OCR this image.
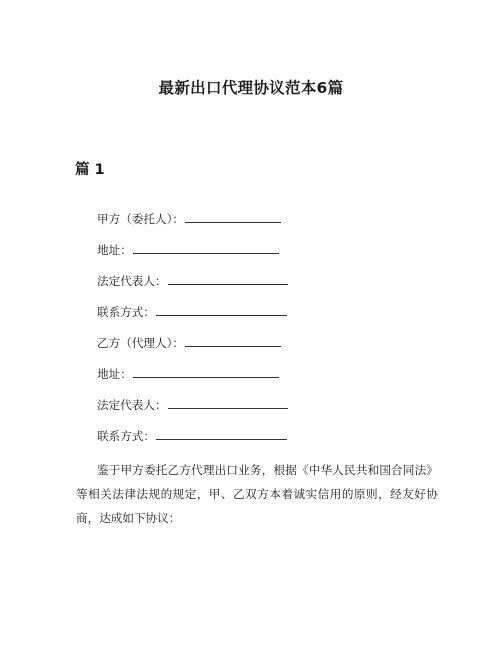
最新出口代理协议范本6篇
篇 1
甲方（委托人）：
地址：
法定代表人：
联系方式：
乙方（代理人）：
地址：
法定代表人：
联系方式：

鉴于甲方委托乙方代理出口业务，根据《中华人民共和国合同法》等相关法律法规的规定，甲、乙双方本着诚实信用的原则，经友好协商，达成如下协议：
